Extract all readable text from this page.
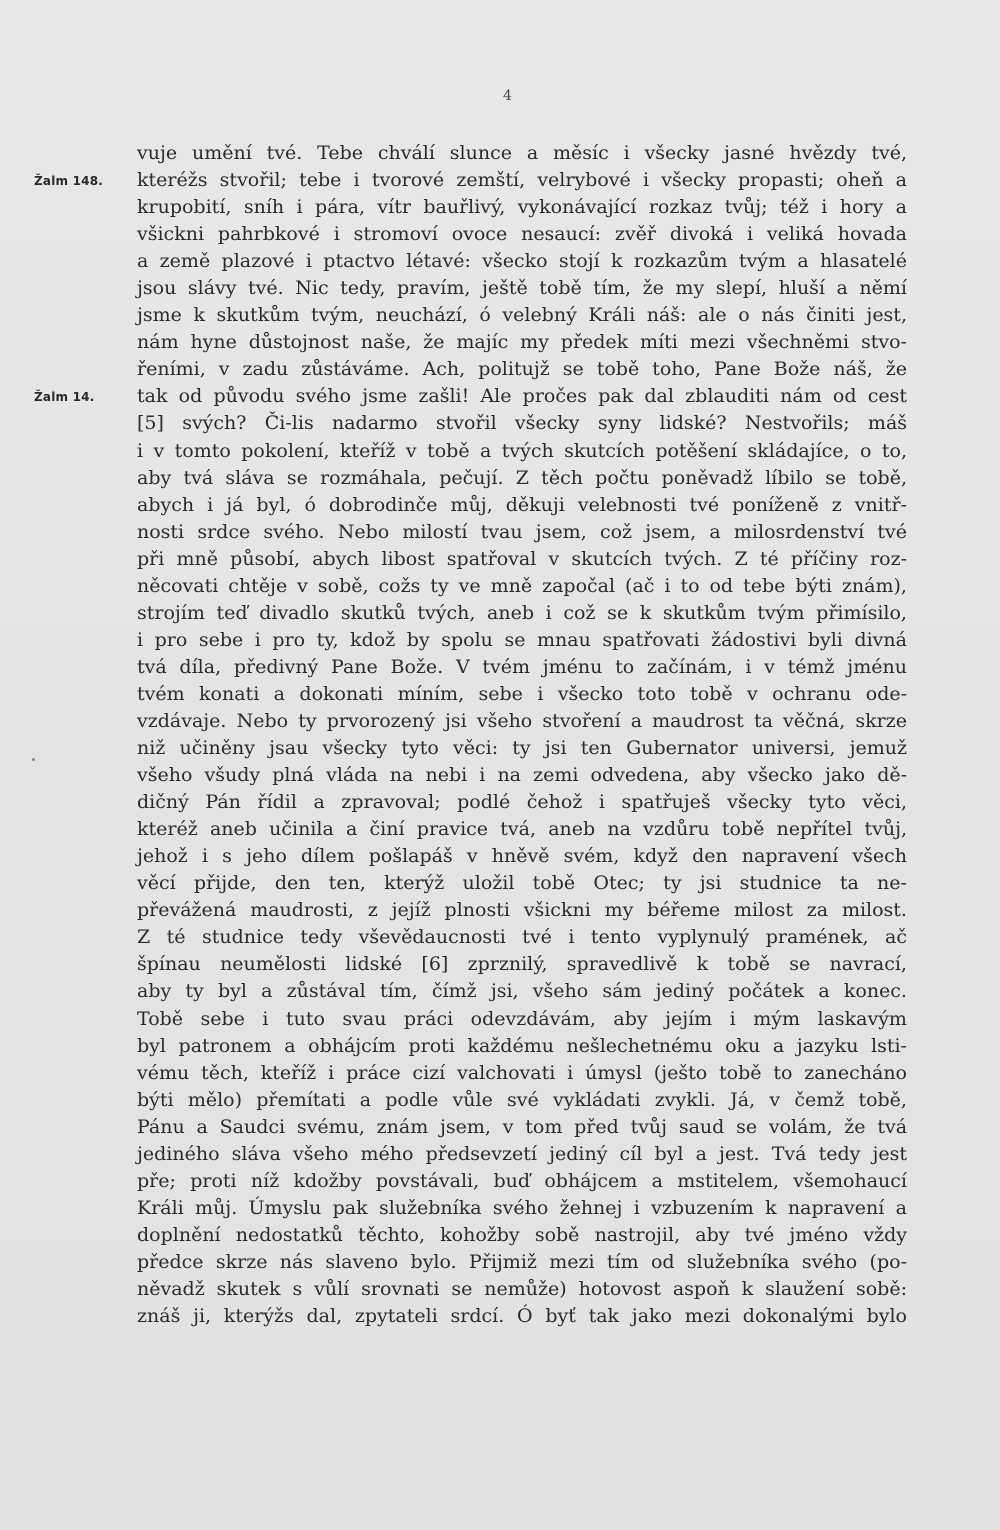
4
vuje umění tvé. Tebe chválí slunce a měsíc i všecky jasné hvězdy tvé,
kteréžs stvořil; tebe i tvorové zemští, velrybové i všecky propasti; oheň a
Žalm 148.
krupobití, sníh i pára, vítr bauřlivý, vykonávající rozkaz tvůj; též i hory a
všickni pahrbkové i stromoví ovoce nesaucí: zvěř divoká i veliká hovada
a země plazové i ptactvo létavé: všecko stojí k rozkazům tvým a hlasatelé
jsou slávy tvé. Nic tedy, pravím, ještě tobě tím, že my slepí, hluší a němí
jsme k skutkům tvým, neuchází, ó velebný Králi náš: ale o nás činiti jest,
nám hyne důstojnost naše, že majíc my předek míti mezi všechněmi stvo-
řeními, v zadu zůstáváme. Ach, politujž se tobě toho, Pane Bože náš, že
tak od původu svého jsme zašli! Ale pročes pak dal zblauditi nám od cest
Žalm 14.
[5] svých? Či-lis nadarmo stvořil všecky syny lidské? Nestvořils; máš
i v tomto pokolení, kteříž v tobě a tvých skutcích potěšení skládajíce, o to,
aby tvá sláva se rozmáhala, pečují. Z těch počtu poněvadž líbilo se tobě,
abych i já byl, ó dobrodinče můj, děkuji velebnosti tvé poníženě z vnitř-
nosti srdce svého. Nebo milostí tvau jsem, což jsem, a milosrdenství tvé
při mně působí, abych libost spatřoval v skutcích tvých. Z té příčiny roz-
něcovati chtěje v sobě, cožs ty ve mně započal (ač i to od tebe býti znám),
strojím teď divadlo skutků tvých, aneb i což se k skutkům tvým přimísilo,
i pro sebe i pro ty, kdož by spolu se mnau spatřovati žádostivi byli divná
tvá díla, předivný Pane Bože. V tvém jménu to začínám, i v témž jménu
tvém konati a dokonati míním, sebe i všecko toto tobě v ochranu ode-
vzdávaje. Nebo ty prvorozený jsi všeho stvoření a maudrost ta věčná, skrze
niž učiněny jsau všecky tyto věci: ty jsi ten Gubernator universi, jemuž
všeho všudy plná vláda na nebi i na zemi odvedena, aby všecko jako dě-
dičný Pán řídil a zpravoval; podlé čehož i spatřuješ všecky tyto věci,
kteréž aneb učinila a činí pravice tvá, aneb na vzdůru tobě nepřítel tvůj,
jehož i s jeho dílem pošlapáš v hněvě svém, když den napravení všech
věcí přijde, den ten, kterýž uložil tobě Otec; ty jsi studnice ta ne-
převážená maudrosti, z jejíž plnosti všickni my béřeme milost za milost.
Z té studnice tedy vševědaucnosti tvé i tento vyplynulý pramének, ač
špínau neumělosti lidské [6] zprznilý, spravedlivě k tobě se navrací,
aby ty byl a zůstával tím, čímž jsi, všeho sám jediný počátek a konec.
Tobě sebe i tuto svau práci odevzdávám, aby jejím i mým laskavým
byl patronem a obhájcím proti každému nešlechetnému oku a jazyku lsti-
vému těch, kteříž i práce cizí valchovati i úmysl (ješto tobě to zanecháno
býti mělo) přemítati a podle vůle své vykládati zvykli. Já, v čemž tobě,
Pánu a Saudci svému, znám jsem, v tom před tvůj saud se volám, že tvá
jediného sláva všeho mého předsevzetí jediný cíl byl a jest. Tvá tedy jest
pře; proti níž kdožby povstávali, buď obhájcem a mstitelem, všemohaucí
Králi můj. Úmyslu pak služebníka svého žehnej i vzbuzením k napravení a
doplnění nedostatků těchto, kohožby sobě nastrojil, aby tvé jméno vždy
předce skrze nás slaveno bylo. Přijmiž mezi tím od služebníka svého (po-
něvadž skutek s vůlí srovnati se nemůže) hotovost aspoň k slaužení sobě:
znáš ji, kterýžs dal, zpytateli srdcí. Ó byť tak jako mezi dokonalými bylo
